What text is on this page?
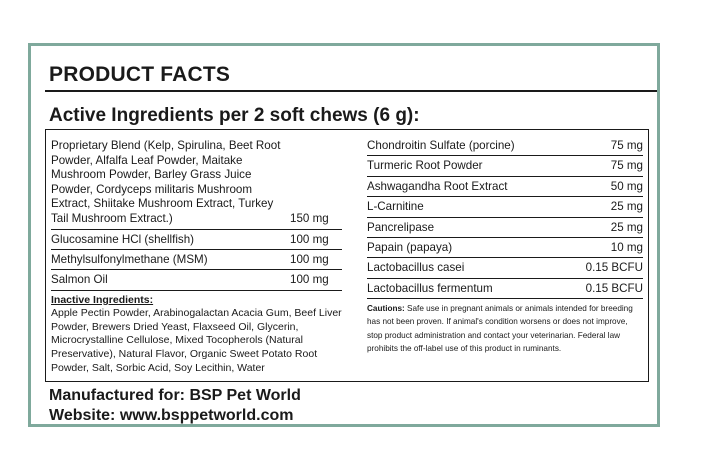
PRODUCT FACTS
Active Ingredients per 2 soft chews (6 g):
Proprietary Blend (Kelp, Spirulina, Beet Root Powder, Alfalfa Leaf Powder, Maitake Mushroom Powder, Barley Grass Juice Powder, Cordyceps militaris Mushroom Extract, Shiitake Mushroom Extract, Turkey Tail Mushroom Extract.)	150 mg
Glucosamine HCl (shellfish)	100 mg
Methylsulfonylmethane (MSM)	100 mg
Salmon Oil	100 mg
Inactive Ingredients:
Apple Pectin Powder, Arabinogalactan Acacia Gum, Beef Liver Powder, Brewers Dried Yeast, Flaxseed Oil, Glycerin, Microcrystalline Cellulose, Mixed Tocopherols (Natural Preservative), Natural Flavor, Organic Sweet Potato Root Powder, Salt, Sorbic Acid, Soy Lecithin, Water
Chondroitin Sulfate (porcine)	75 mg
Turmeric Root Powder	75 mg
Ashwagandha Root Extract	50 mg
L-Carnitine	25 mg
Pancrelipase	25 mg
Papain (papaya)	10 mg
Lactobacillus casei	0.15 BCFU
Lactobacillus fermentum	0.15 BCFU
Cautions: Safe use in pregnant animals or animals intended for breeding has not been proven. If animal's condition worsens or does not improve, stop product administration and contact your veterinarian. Federal law prohibits the off-label use of this product in ruminants.
Manufactured for: BSP Pet World
Website: www.bsppetworld.com
